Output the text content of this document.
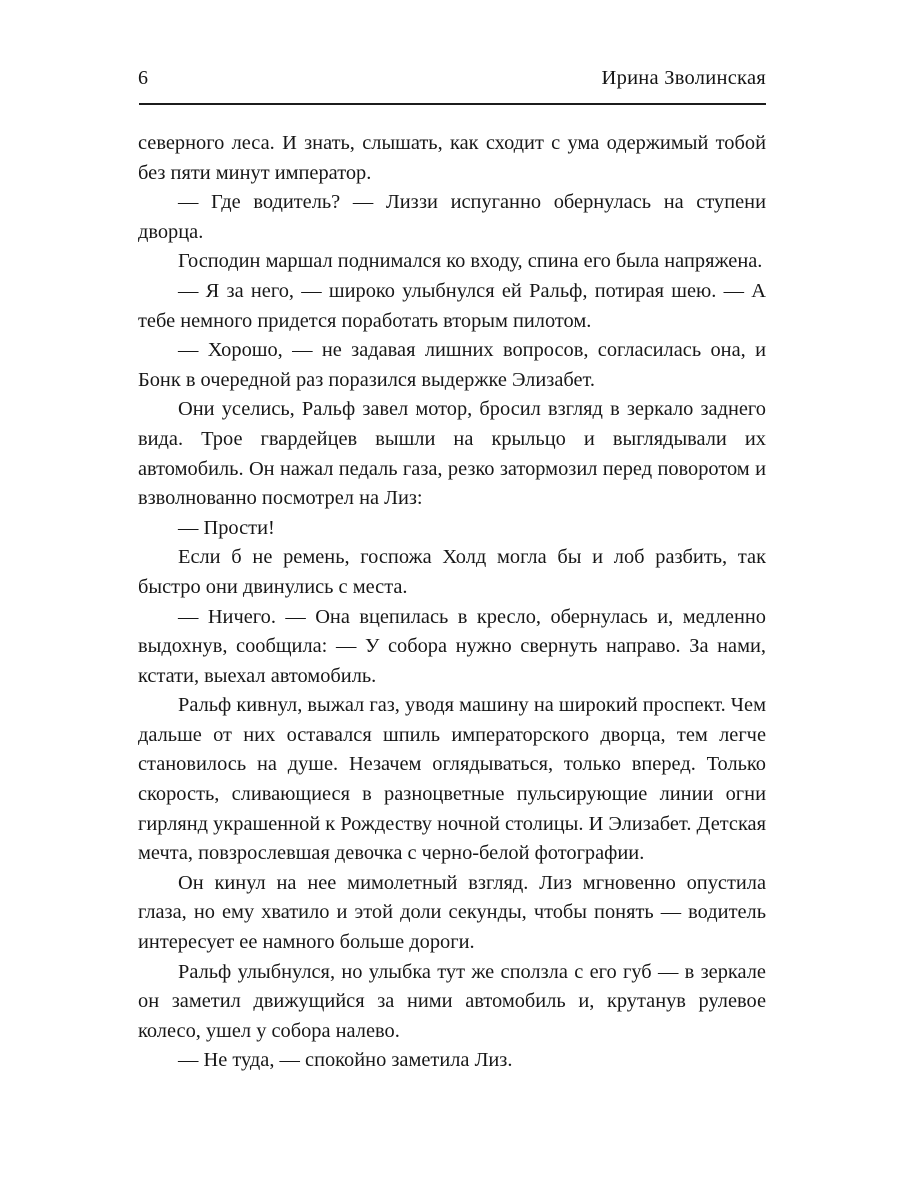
6	Ирина Зволинская

северного леса. И знать, слышать, как сходит с ума одержимый тобой без пяти минут император.

— Где водитель? — Лиззи испуганно обернулась на ступени дворца.

Господин маршал поднимался ко входу, спина его была напряжена.

— Я за него, — широко улыбнулся ей Ральф, потирая шею. — А тебе немного придется поработать вторым пилотом.

— Хорошо, — не задавая лишних вопросов, согласилась она, и Бонк в очередной раз поразился выдержке Элизабет.

Они уселись, Ральф завел мотор, бросил взгляд в зеркало заднего вида. Трое гвардейцев вышли на крыльцо и выглядывали их автомобиль. Он нажал педаль газа, резко затормозил перед поворотом и взволнованно посмотрел на Лиз:

— Прости!

Если б не ремень, госпожа Холд могла бы и лоб разбить, так быстро они двинулись с места.

— Ничего. — Она вцепилась в кресло, обернулась и, медленно выдохнув, сообщила: — У собора нужно свернуть направо. За нами, кстати, выехал автомобиль.

Ральф кивнул, выжал газ, уводя машину на широкий проспект. Чем дальше от них оставался шпиль императорского дворца, тем легче становилось на душе. Незачем оглядываться, только вперед. Только скорость, сливающиеся в разноцветные пульсирующие линии огни гирлянд украшенной к Рождеству ночной столицы. И Элизабет. Детская мечта, повзрослевшая девочка с черно-белой фотографии.

Он кинул на нее мимолетный взгляд. Лиз мгновенно опустила глаза, но ему хватило и этой доли секунды, чтобы понять — водитель интересует ее намного больше дороги.

Ральф улыбнулся, но улыбка тут же сползла с его губ — в зеркале он заметил движущийся за ними автомобиль и, крутанув рулевое колесо, ушел у собора налево.

— Не туда, — спокойно заметила Лиз.
